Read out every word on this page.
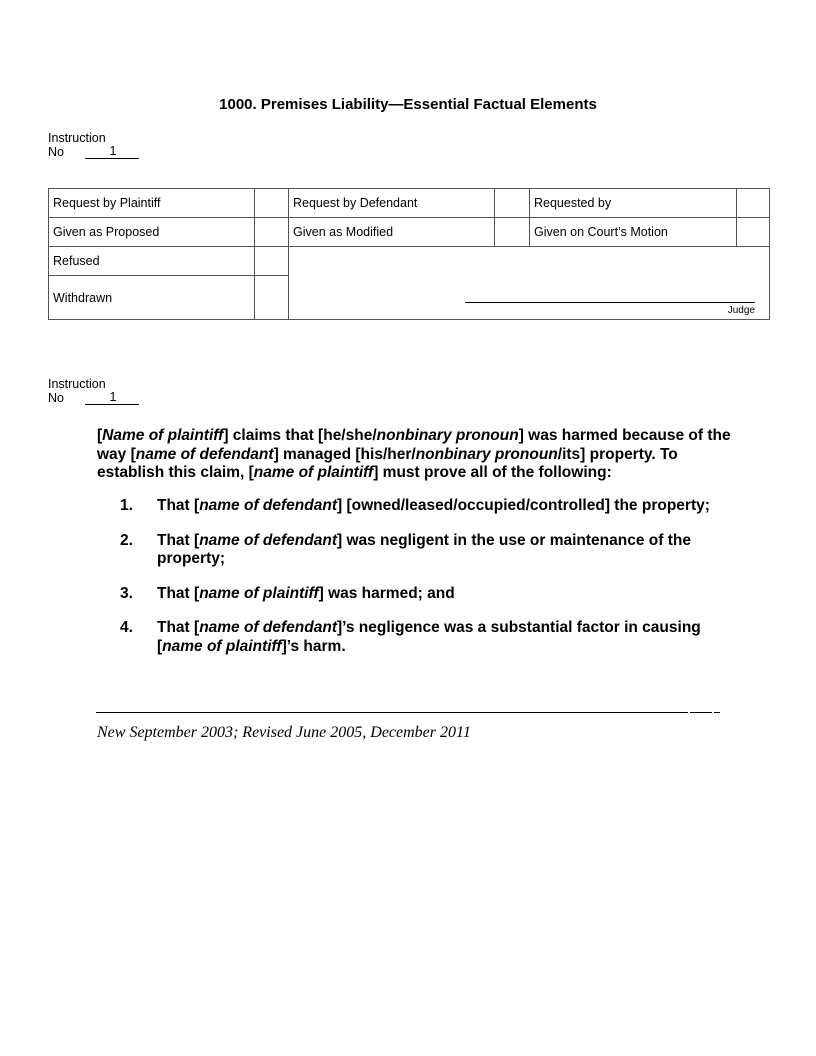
1000. Premises Liability—Essential Factual Elements
Instruction
No	1
Request by Plaintiff		Request by Defendant		Requested by	
Given as Proposed		Given as Modified		Given on Court’s Motion	
Refused		Judge			

Withdrawn					
Instruction
No	1
[Name of plaintiff] claims that [he/she/nonbinary pronoun] was harmed because of the way [name of defendant] managed [his/her/nonbinary pronoun/its] property. To establish this claim, [name of plaintiff] must prove all of the following:
1. That [name of defendant] [owned/leased/occupied/controlled] the property;
2. That [name of defendant] was negligent in the use or maintenance of the property;
3. That [name of plaintiff] was harmed; and
4. That [name of defendant]’s negligence was a substantial factor in causing [name of plaintiff]’s harm.
New September 2003; Revised June 2005, December 2011
